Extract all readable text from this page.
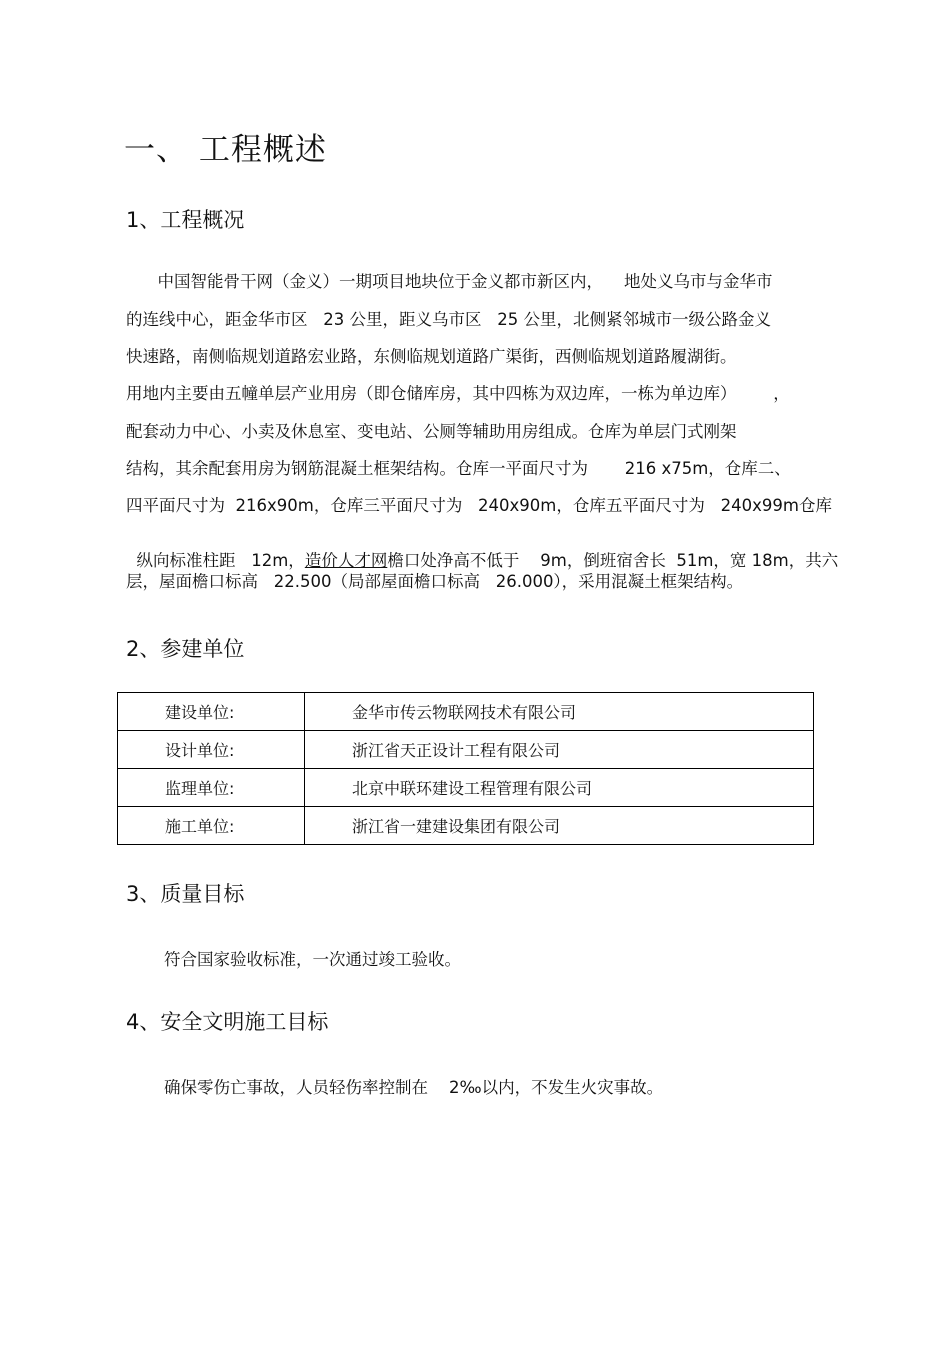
一、 工程概述
1、工程概况
中国智能骨干网（金义）一期项目地块位于金义都市新区内，    地处义乌市与金华市
的连线中心，距金华市区   23 公里，距义乌市区   25 公里，北侧紧邻城市一级公路金义
快速路，南侧临规划道路宏业路，东侧临规划道路广渠街，西侧临规划道路履湖街。
用地内主要由五幢单层产业用房（即仓储库房，其中四栋为双边库，一栋为单边库）       ，
配套动力中心、小卖及休息室、变电站、公厕等辅助用房组成。仓库为单层门式刚架
结构，其余配套用房为钢筋混凝土框架结构。仓库一平面尺寸为       216 x75m，仓库二、
四平面尺寸为  216x90m，仓库三平面尺寸为   240x90m，仓库五平面尺寸为   240x99m仓库

纵向标准柱距   12m，造价人才网檐口处净高不低于    9m，倒班宿舍长  51m，宽 18m，共六

层，屋面檐口标高   22.500（局部屋面檐口标高   26.000），采用混凝土框架结构。
2、参建单位
建设单位:	金华市传云物联网技术有限公司
设计单位:	浙江省天正设计工程有限公司
监理单位:	北京中联环建设工程管理有限公司
施工单位:	浙江省一建建设集团有限公司
3、质量目标
符合国家验收标准，一次通过竣工验收。
4、安全文明施工目标
确保零伤亡事故，人员轻伤率控制在    2‰以内，不发生火灾事故。
